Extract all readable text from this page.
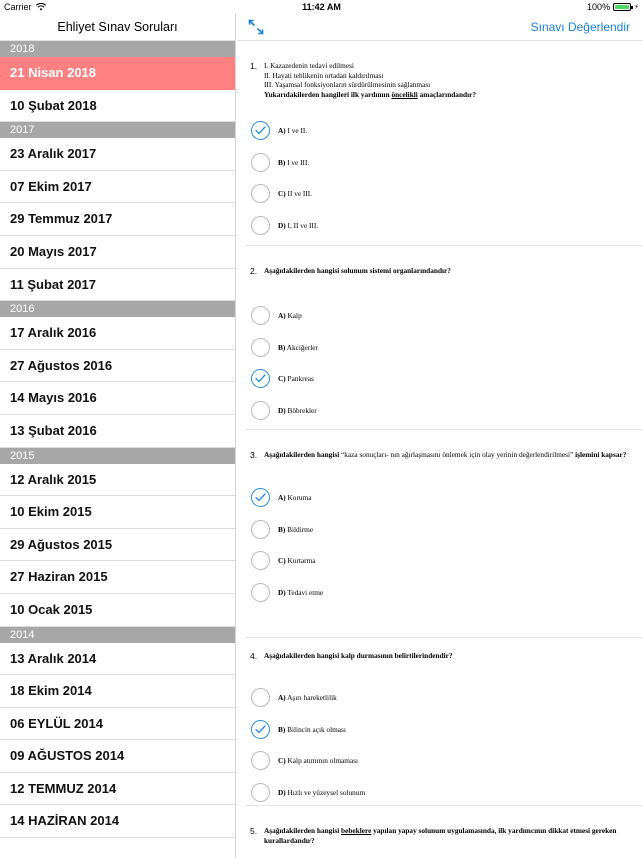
Carrier	11:42 AM	100%	⚡
Ehliyet Sınav Soruları
2018
21 Nisan 2018
10 Şubat 2018
2017
23 Aralık 2017
07 Ekim 2017
29 Temmuz 2017
20 Mayıs 2017
11 Şubat 2017
2016
17 Aralık 2016
27 Ağustos 2016
14 Mayıs 2016
13 Şubat 2016
2015
12 Aralık 2015
10 Ekim 2015
29 Ağustos 2015
27 Haziran 2015
10 Ocak 2015
2014
13 Aralık 2014
18 Ekim 2014
06 EYLÜL 2014
09 AĞUSTOS 2014
12 TEMMUZ 2014
14 HAZİRAN 2014
Sınavı Değerlendir
1. I. Kazazedenin tedavi edilmesi
II. Hayati tehlikenin ortadan kaldırılması
III. Yaşamsal fonksiyonların sürdürülmesinin sağlanması
Yukarıdakilerden hangileri ilk yardımın öncelikli amaçlarındandır?
A) I ve II.
B) I ve III.
C) II ve III.
D) I, II ve III.
2. Aşağıdakilerden hangisi solunum sistemi organlarındandır?
A) Kalp
B) Akciğerler
C) Pankreas
D) Böbrekler
3. Aşağıdakilerden hangisi “kaza sonuçları- nın ağırlaşmasını önlemek için olay yerinin değerlendirilmesi” işlemini kapsar?
A) Koruma
B) Bildirme
C) Kurtarma
D) Tedavi etme
4. Aşağıdakilerden hangisi kalp durmasının belirtilerindendir?
A) Aşırı hareketlilik
B) Bilincin açık olması
C) Kalp atımının olmaması
D) Hızlı ve yüzeysel solunum
5. Aşağıdakilerden hangisi bebeklere yapılan yapay solunum uygulamasında, ilk yardımcının dikkat etmesi gereken kurallardandır?
